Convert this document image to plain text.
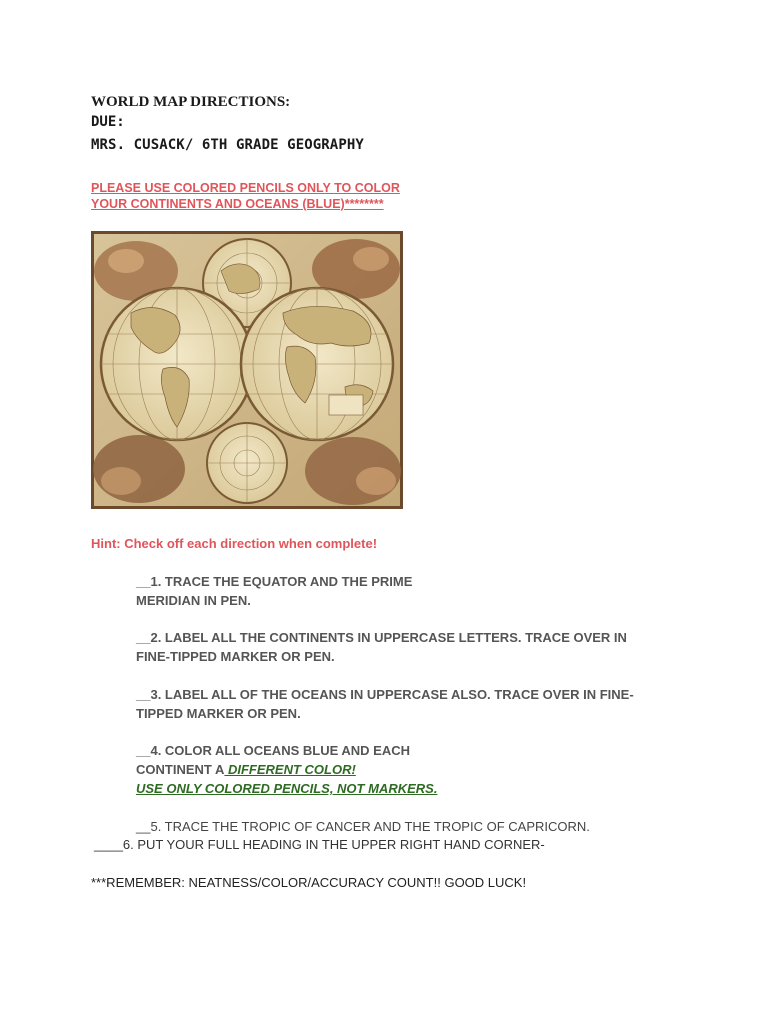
WORLD MAP DIRECTIONS:

DUE:

MRS. CUSACK/ 6TH GRADE GEOGRAPHY

PLEASE USE COLORED PENCILS ONLY TO COLOR
YOUR CONTINENTS AND OCEANS (BLUE)********

Hint: Check off each direction when complete!

__1. TRACE THE EQUATOR AND THE PRIME
MERIDIAN IN PEN.
__2. LABEL ALL THE CONTINENTS IN UPPERCASE LETTERS. TRACE OVER IN
FINE-TIPPED MARKER OR PEN.
__3. LABEL ALL OF THE OCEANS IN UPPERCASE ALSO. TRACE OVER IN FINE-
TIPPED MARKER OR PEN.
__4. COLOR ALL OCEANS BLUE AND EACH
CONTINENT A DIFFERENT COLOR!
USE ONLY COLORED PENCILS, NOT MARKERS.

__5. TRACE THE TROPIC OF CANCER AND THE TROPIC OF CAPRICORN.

____6. PUT YOUR FULL HEADING IN THE UPPER RIGHT HAND CORNER-

***REMEMBER: NEATNESS/COLOR/ACCURACY COUNT!! GOOD LUCK!
